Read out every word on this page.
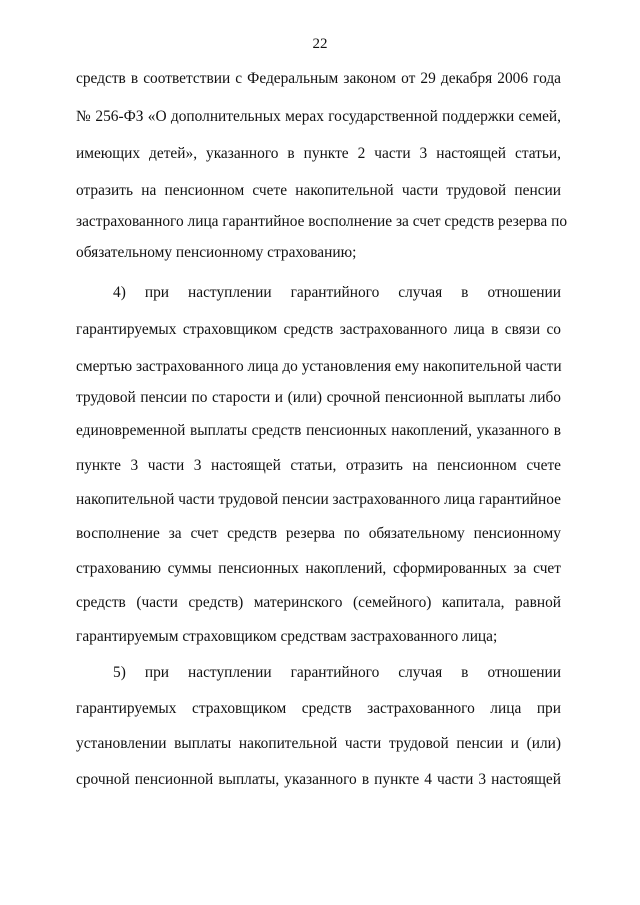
22
средств в соответствии с Федеральным законом от 29 декабря 2006 года
№ 256-ФЗ «О дополнительных мерах государственной поддержки семей,
имеющих детей», указанного в пункте 2 части 3 настоящей статьи,
отразить на пенсионном счете накопительной части трудовой пенсии
застрахованного лица гарантийное восполнение за счет средств резерва по
обязательному пенсионному страхованию;
4) при наступлении гарантийного случая в отношении
гарантируемых страховщиком средств застрахованного лица в связи со
смертью застрахованного лица до установления ему накопительной части
трудовой пенсии по старости и (или) срочной пенсионной выплаты либо
единовременной выплаты средств пенсионных накоплений, указанного в
пункте 3 части 3 настоящей статьи, отразить на пенсионном счете
накопительной части трудовой пенсии застрахованного лица гарантийное
восполнение за счет средств резерва по обязательному пенсионному
страхованию суммы пенсионных накоплений, сформированных за счет
средств (части средств) материнского (семейного) капитала, равной
гарантируемым страховщиком средствам застрахованного лица;
5) при наступлении гарантийного случая в отношении
гарантируемых страховщиком средств застрахованного лица при
установлении выплаты накопительной части трудовой пенсии и (или)
срочной пенсионной выплаты, указанного в пункте 4 части 3 настоящей
